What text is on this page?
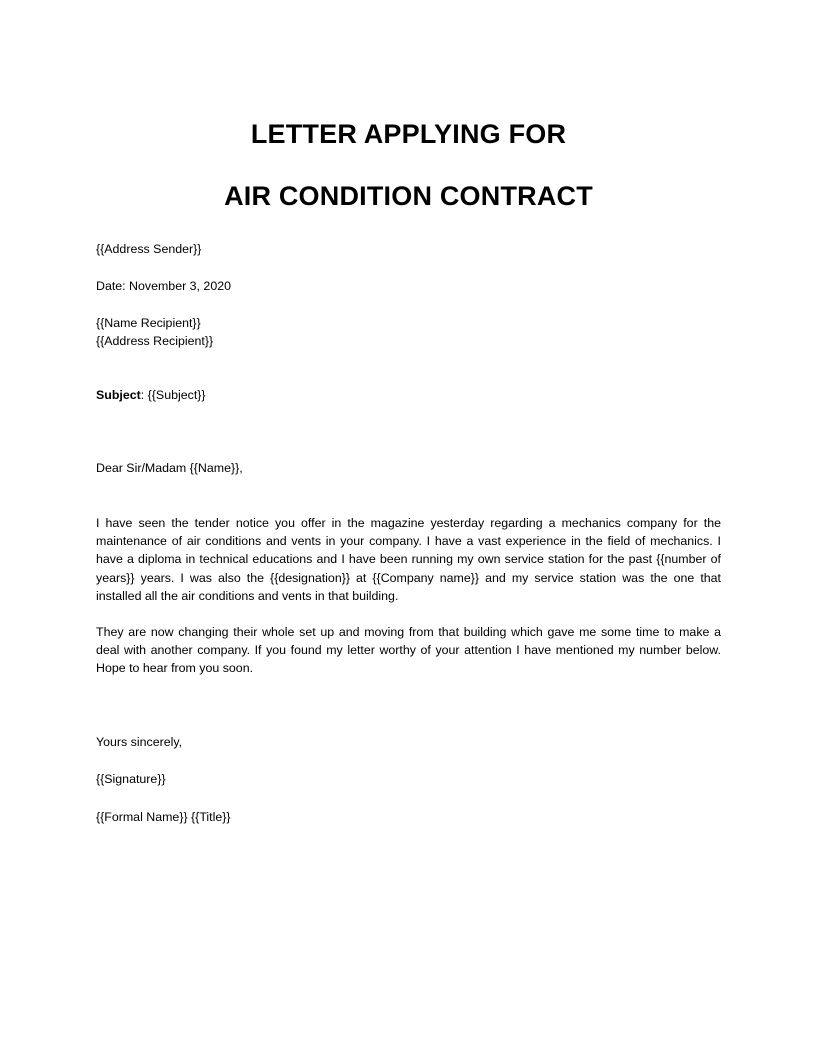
LETTER APPLYING FOR
AIR CONDITION CONTRACT

{{Address Sender}}

Date: November 3, 2020

{{Name Recipient}}

{{Address Recipient}}

Subject: {{Subject}}

Dear Sir/Madam {{Name}},

I have seen the tender notice you offer in the magazine yesterday regarding a mechanics company for the maintenance of air conditions and vents in your company. I have a vast experience in the field of mechanics. I have a diploma in technical educations and I have been running my own service station for the past {{number of years}} years. I was also the {{designation}} at {{Company name}} and my service station was the one that installed all the air conditions and vents in that building.

They are now changing their whole set up and moving from that building which gave me some time to make a deal with another company. If you found my letter worthy of your attention I have mentioned my number below. Hope to hear from you soon.

Yours sincerely,

{{Signature}}

{{Formal Name}} {{Title}}
